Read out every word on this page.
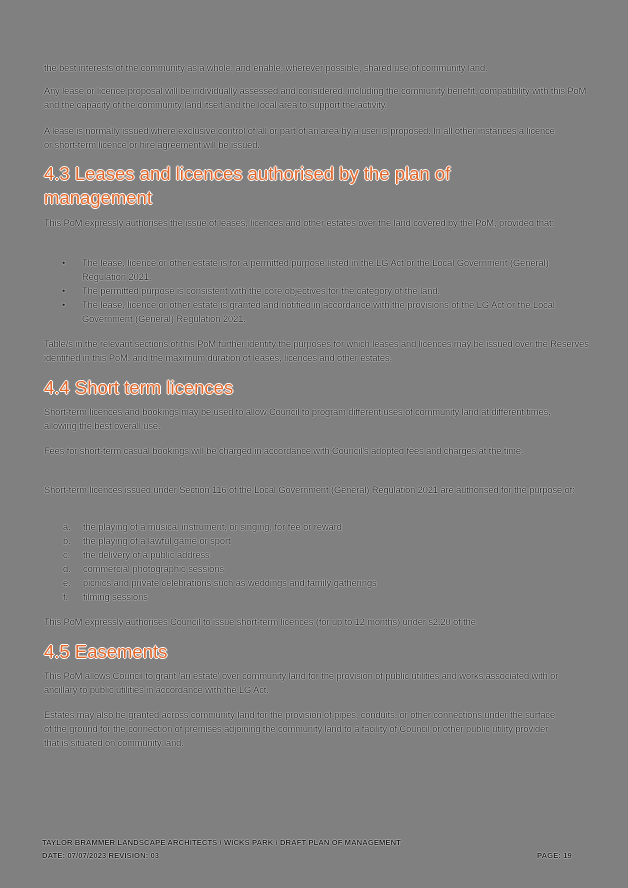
the best interests of the community as a whole, and enable, wherever possible, shared use of community land.
Any lease or licence proposal will be individually assessed and considered, including the community benefit, compatibility with this PoM and the capacity of the community land itself and the local area to support the activity.
A lease is normally issued where exclusive control of all or part of an area by a user is proposed. In all other instances a licence or short-term licence or hire agreement will be issued.
4.3 Leases and licences authorised by the plan of management
This PoM expressly authorises the issue of leases, licences and other estates over the land covered by the PoM, provided that:
• The lease, licence or other estate is for a permitted purpose listed in the LG Act or the Local Government (General) Regulation 2021.
• The permitted purpose is consistent with the core objectives for the category of the land.
• The lease, licence or other estate is granted and notified in accordance with the provisions of the LG Act or the Local Government (General) Regulation 2021.
Table/s in the relevant sections of this PoM further identify the purposes for which leases and licences may be issued over the Reserves identified in this PoM, and the maximum duration of leases, licences and other estates.
4.4 Short term licences
Short-term licences and bookings may be used to allow Council to program different uses of community land at different times, allowing the best overall use.
Fees for short-term casual bookings will be charged in accordance with Council's adopted fees and charges at the time.
Short-term licences issued under Section 116 of the Local Government (General) Regulation 2021 are authorised for the purpose of:
a. the playing of a musical instrument, or singing, for fee or reward
b. the playing of a lawful game or sport
c. the delivery of a public address
d. commercial photographic sessions
e. picnics and private celebrations such as weddings and family gatherings
f. filming sessions
This PoM expressly authorises Council to issue short-term licences (for up to 12 months) under s2.20 of the
4.5 Easements
This PoM allows Council to grant 'an estate' over community land for the provision of public utilities and works associated with or ancillary to public utilities in accordance with the LG Act.
Estates may also be granted across community land for the provision of pipes, conduits, or other connections under the surface of the ground for the connection of premises adjoining the community land to a facility of Council or other public utility provider that is situated on community land.
TAYLOR BRAMMER LANDSCAPE ARCHITECTS / WICKS PARK / DRAFT PLAN OF MANAGEMENT
DATE: 07/07/2023 REVISION: 03	PAGE: 19
